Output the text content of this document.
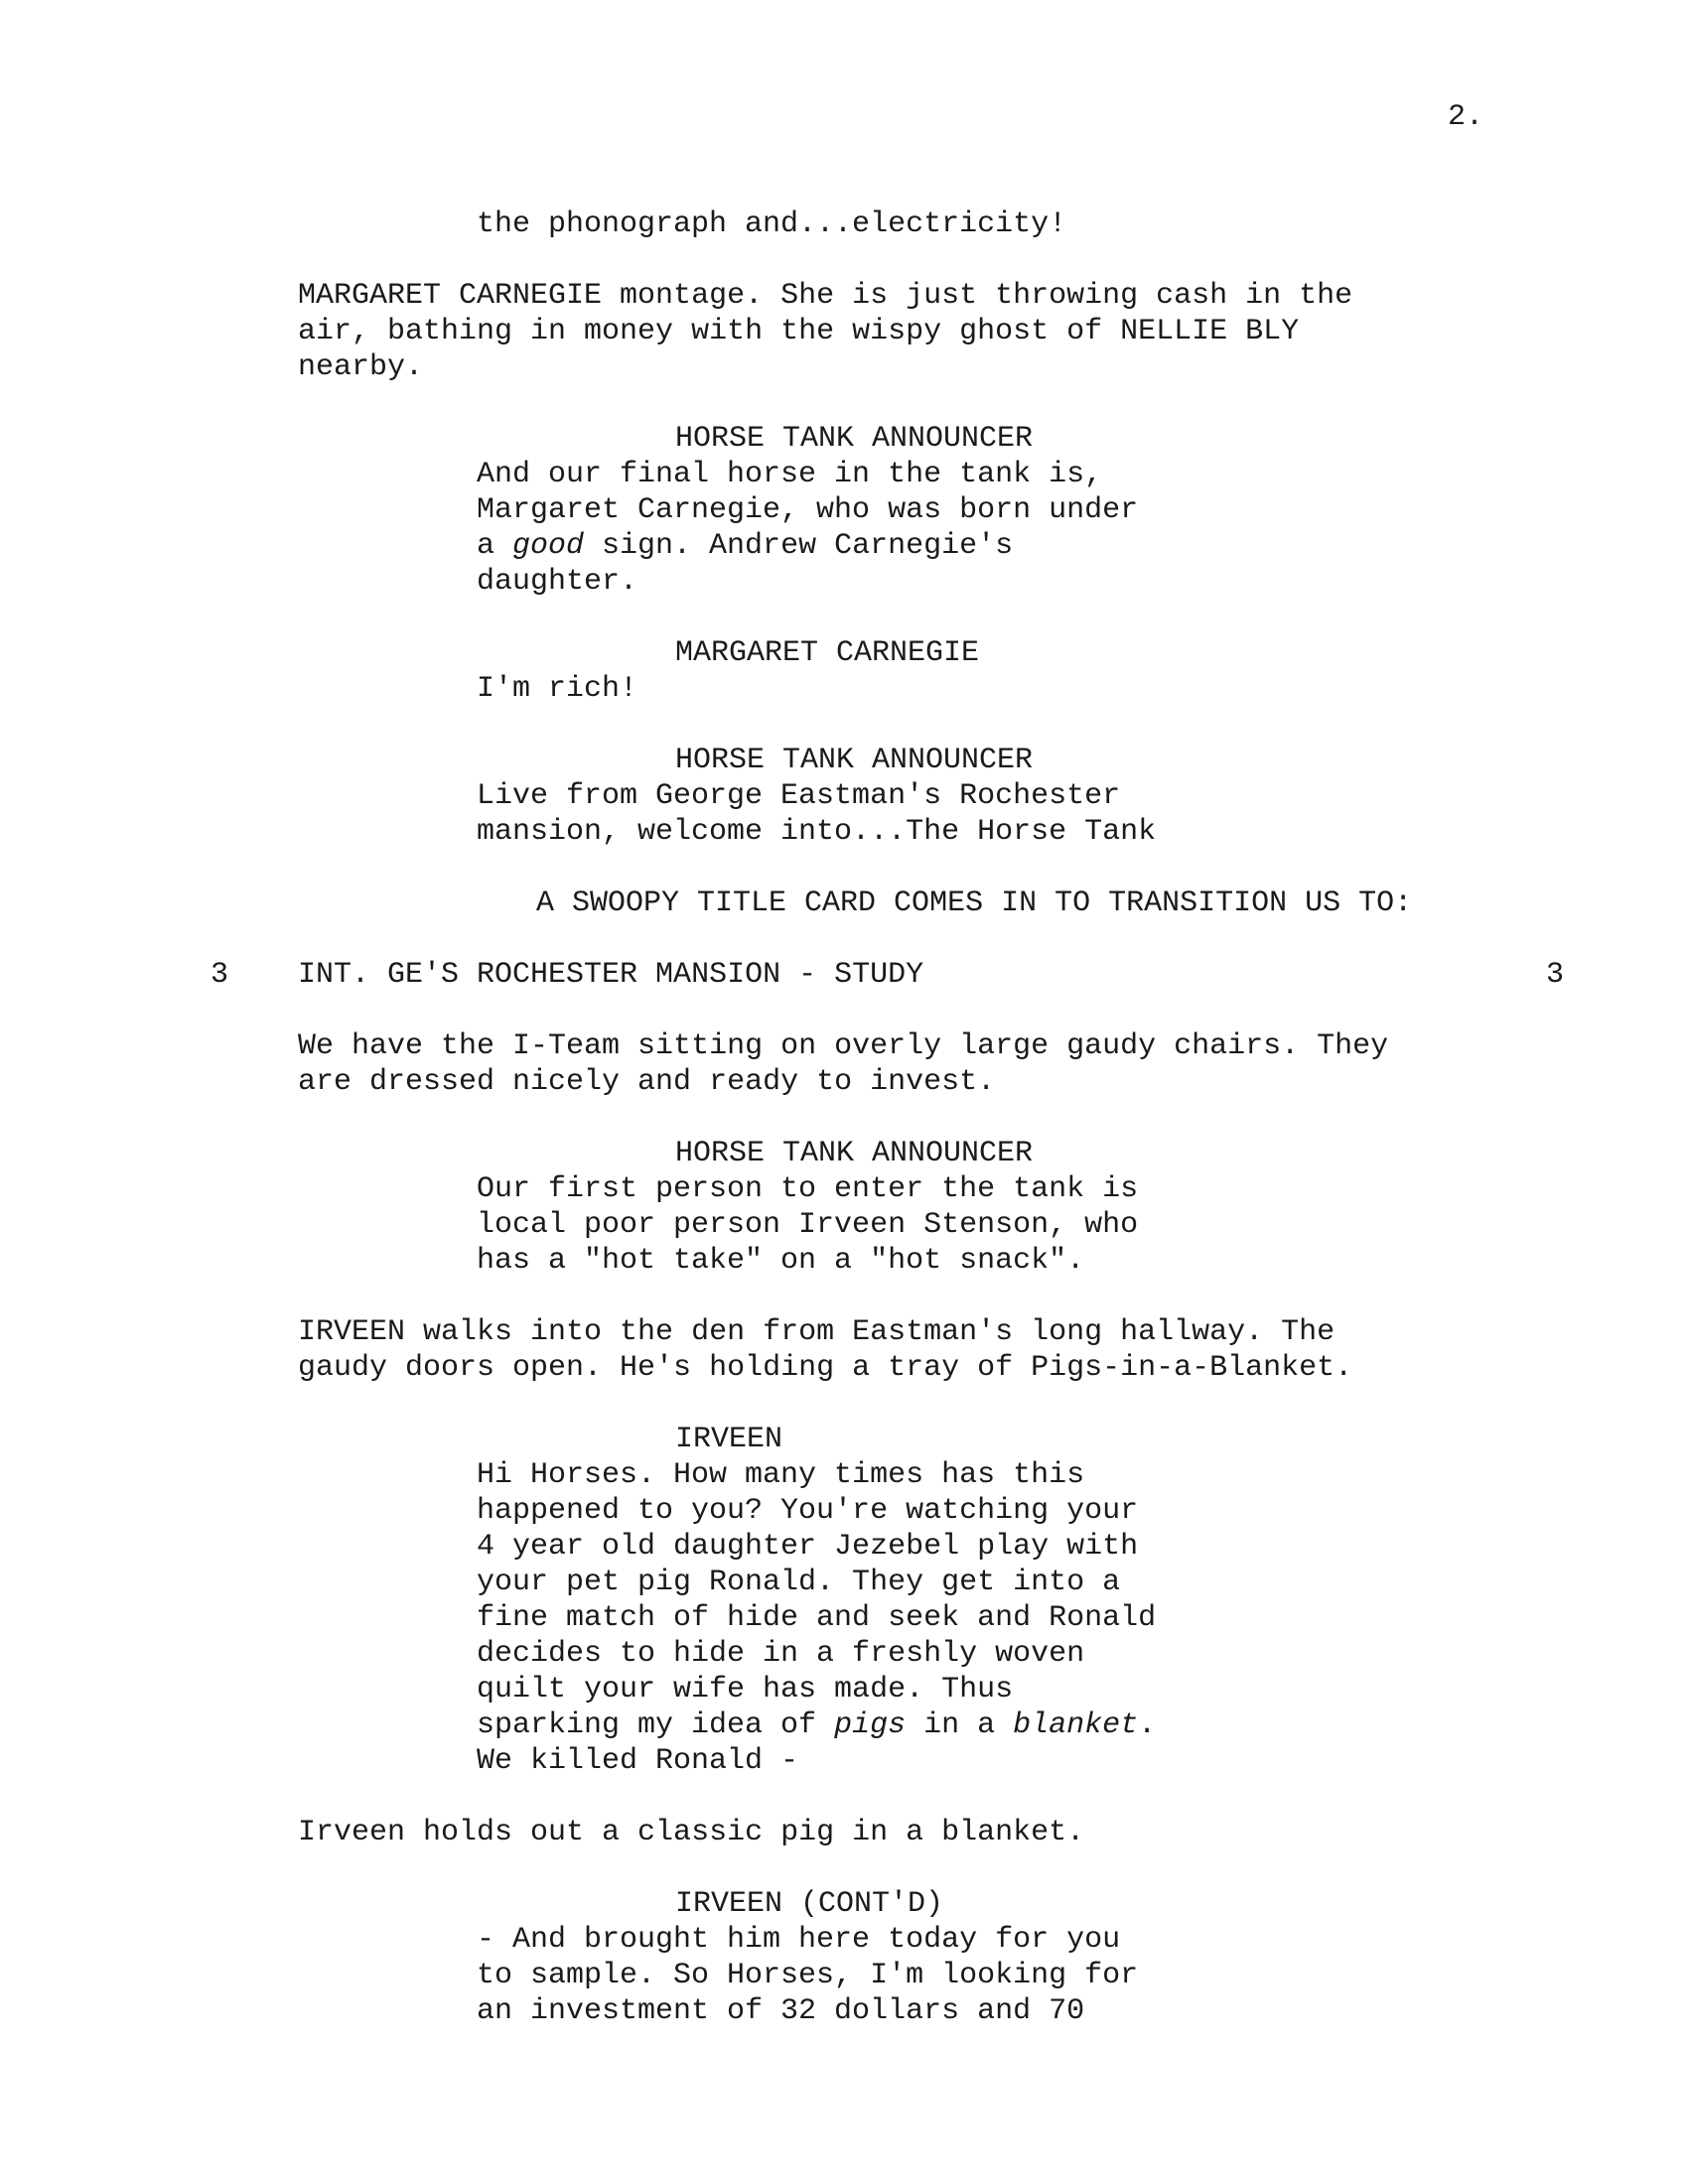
2.
the phonograph and...electricity!
MARGARET CARNEGIE montage. She is just throwing cash in the
air, bathing in money with the wispy ghost of NELLIE BLY
nearby.
HORSE TANK ANNOUNCER
And our final horse in the tank is,
Margaret Carnegie, who was born under
a good sign. Andrew Carnegie's
daughter.
MARGARET CARNEGIE
I'm rich!
HORSE TANK ANNOUNCER
Live from George Eastman's Rochester
mansion, welcome into...The Horse Tank
A SWOOPY TITLE CARD COMES IN TO TRANSITION US TO:
3 INT. GE'S ROCHESTER MANSION - STUDY	3
We have the I-Team sitting on overly large gaudy chairs. They
are dressed nicely and ready to invest.
HORSE TANK ANNOUNCER
Our first person to enter the tank is
local poor person Irveen Stenson, who
has a "hot take" on a "hot snack".
IRVEEN walks into the den from Eastman's long hallway. The
gaudy doors open. He's holding a tray of Pigs-in-a-Blanket.
IRVEEN
Hi Horses. How many times has this
happened to you? You're watching your
4 year old daughter Jezebel play with
your pet pig Ronald. They get into a
fine match of hide and seek and Ronald
decides to hide in a freshly woven
quilt your wife has made. Thus
sparking my idea of pigs in a blanket.
We killed Ronald -
Irveen holds out a classic pig in a blanket.
IRVEEN (CONT'D)
- And brought him here today for you
to sample. So Horses, I'm looking for
an investment of 32 dollars and 70
